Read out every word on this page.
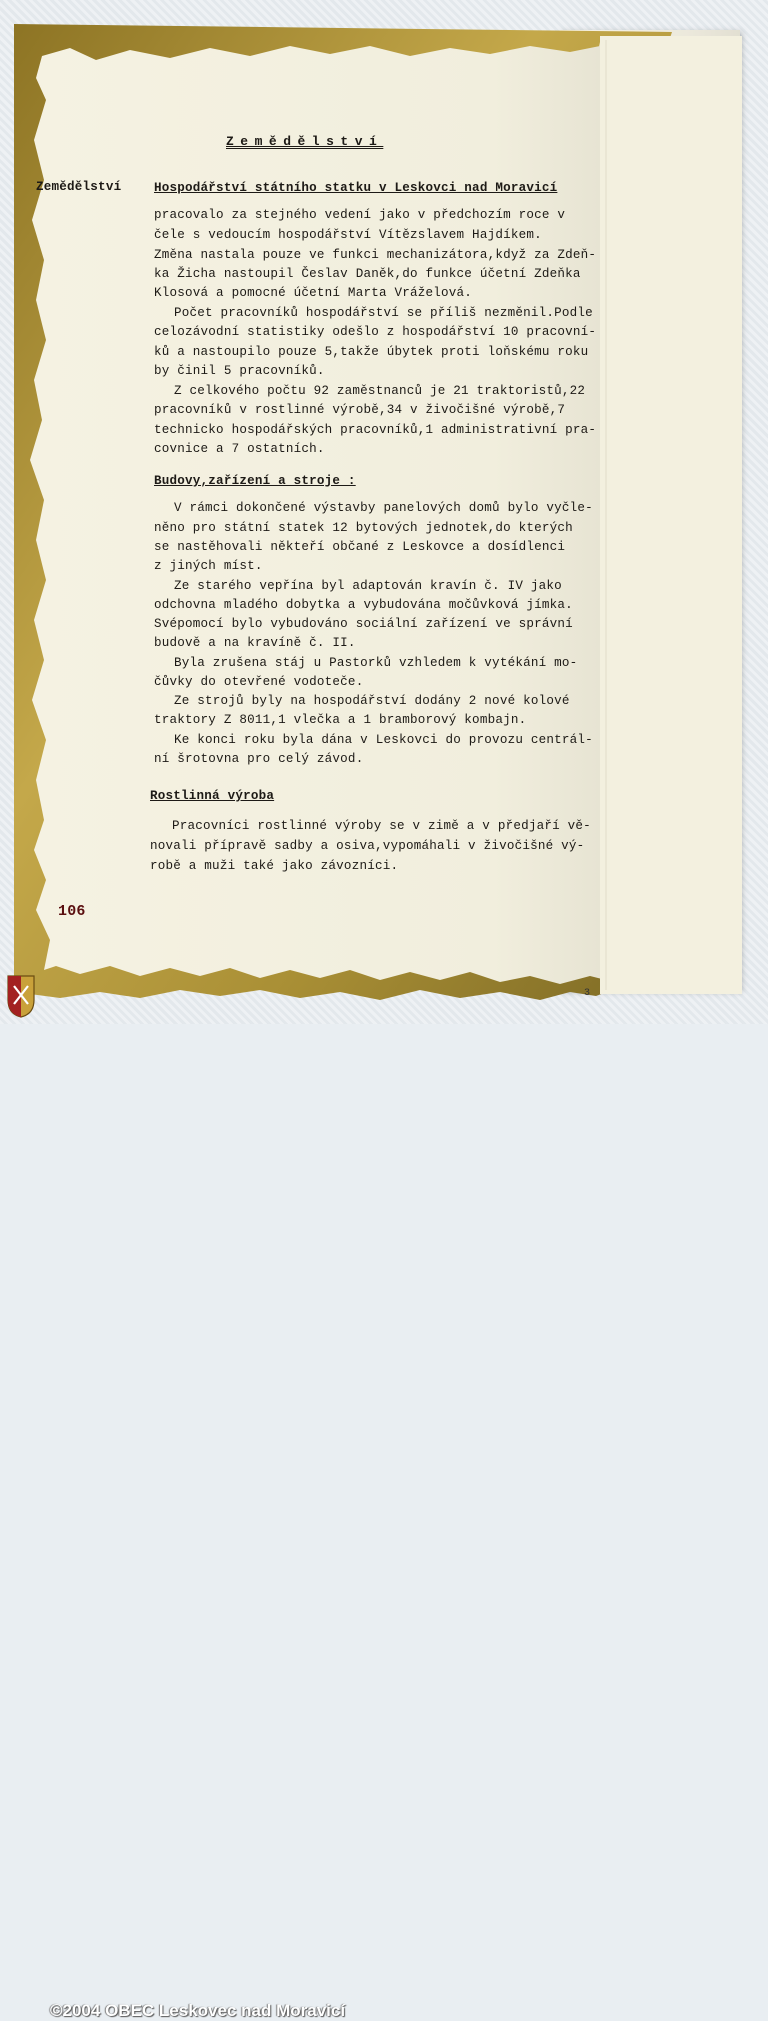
Zemědělství
Zemědělství	Hospodářství státního statku v Leskovci nad Moravicí
pracovalo za stejného vedení jako v předchozím roce v
čele s vedoucím hospodářství Vítězslavem Hajdíkem.
Změna nastala pouze ve funkci mechanizátora,když za Zdeň-
ka Žicha nastoupil Česlav Daněk,do funkce účetní Zdeňka
Klosová a pomocné účetní Marta Vráželová.
Počet pracovníků hospodářství se příliš nezměnil.Podle
celozávodní statistiky odešlo z hospodářství 10 pracovní-
ků a nastoupilo pouze 5,takže úbytek proti loňskému roku
by činil 5 pracovníků.
Z celkového počtu 92 zaměstnanců je 21 traktoristů,22
pracovníků v rostlinné výrobě,34 v živočišné výrobě,7
technicko hospodářských pracovníků,1 administrativní pra-
covnice a 7 ostatních.
Budovy,zařízení a stroje :
V rámci dokončené výstavby panelových domů bylo vyčle-
něno pro státní statek 12 bytových jednotek,do kterých
se nastěhovali někteří občané z Leskovce a dosídlenci
z jiných míst.
Ze starého vepřína byl adaptován kravín č. IV jako
odchovna mladého dobytka a vybudována močůvková jímka.
Svépomocí bylo vybudováno sociální zařízení ve správní
budově a na kravíně č. II.
Byla zrušena stáj u Pastorků vzhledem k vytékání mo-
čůvky do otevřené vodoteče.
Ze strojů byly na hospodářství dodány 2 nové kolové
traktory Z 8011,1 vlečka a 1 bramborový kombajn.
Ke konci roku byla dána v Leskovci do provozu centrál-
ní šrotovna pro celý závod.
Rostlinná výroba
Pracovníci rostlinné výroby se v zimě a v předjaří vě-
novali přípravě sadby a osiva,vypomáhali v živočišné vý-
robě a muži také jako závozníci.
106
3
©2004 OBEC Leskovec nad Moravicí
